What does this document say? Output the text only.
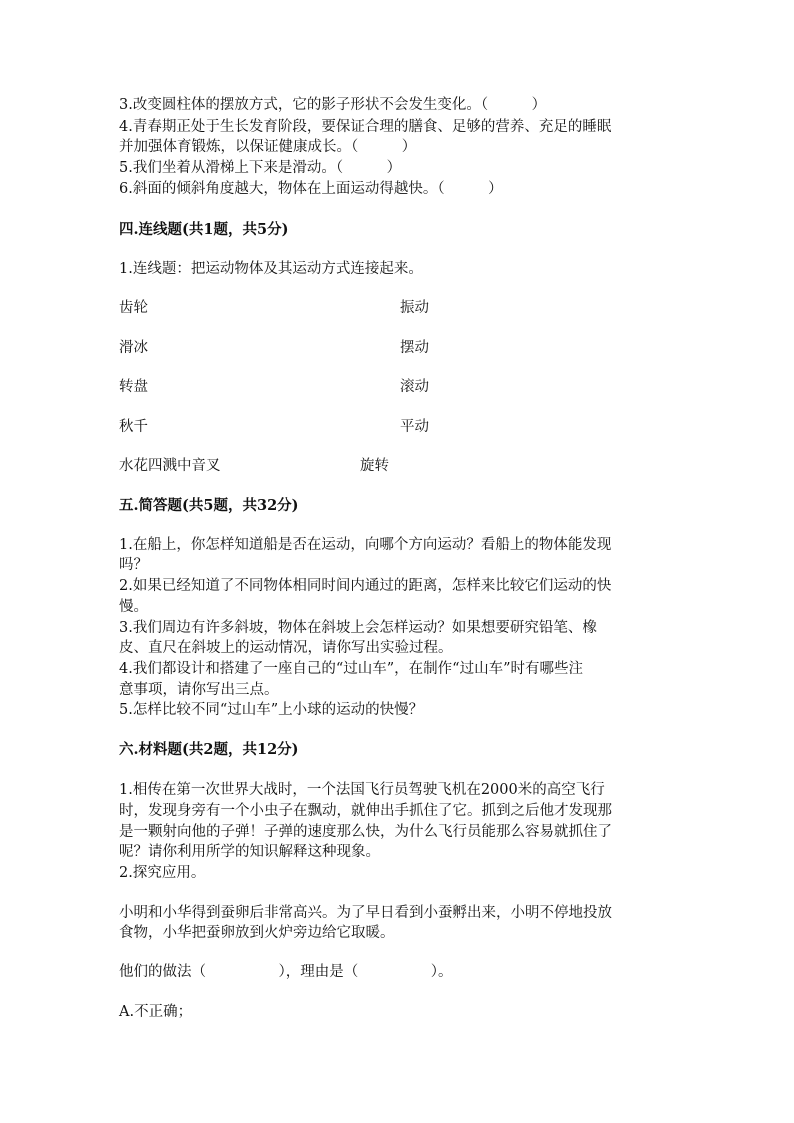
3.改变圆柱体的摆放方式，它的影子形状不会发生变化。（　　　）
4.青春期正处于生长发育阶段，要保证合理的膳食、足够的营养、充足的睡眠
并加强体育锻炼，以保证健康成长。（　　　）
5.我们坐着从滑梯上下来是滑动。（　　　）
6.斜面的倾斜角度越大，物体在上面运动得越快。（　　　）
四.连线题(共1题，共5分)
1.连线题：把运动物体及其运动方式连接起来。
齿轮	振动
滑冰	摆动
转盘	滚动
秋千	平动
水花四溅中音叉	旋转
五.简答题(共5题，共32分)
1.在船上，你怎样知道船是否在运动，向哪个方向运动？看船上的物体能发现
吗？
2.如果已经知道了不同物体相同时间内通过的距离，怎样来比较它们运动的快
慢。
3.我们周边有许多斜坡，物体在斜坡上会怎样运动？如果想要研究铅笔、橡
皮、直尺在斜坡上的运动情况，请你写出实验过程。
4.我们都设计和搭建了一座自己的“过山车”，在制作“过山车”时有哪些注
意事项，请你写出三点。
5.怎样比较不同“过山车”上小球的运动的快慢？
六.材料题(共2题，共12分)
1.相传在第一次世界大战时，一个法国飞行员驾驶飞机在2000米的高空飞行
时，发现身旁有一个小虫子在飘动，就伸出手抓住了它。抓到之后他才发现那
是一颗射向他的子弹！子弹的速度那么快，为什么飞行员能那么容易就抓住了
呢？请你利用所学的知识解释这种现象。
2.探究应用。
小明和小华得到蚕卵后非常高兴。为了早日看到小蚕孵出来，小明不停地投放
食物，小华把蚕卵放到火炉旁边给它取暖。
他们的做法（　　　　　），理由是（　　　　　）。
A.不正确；
